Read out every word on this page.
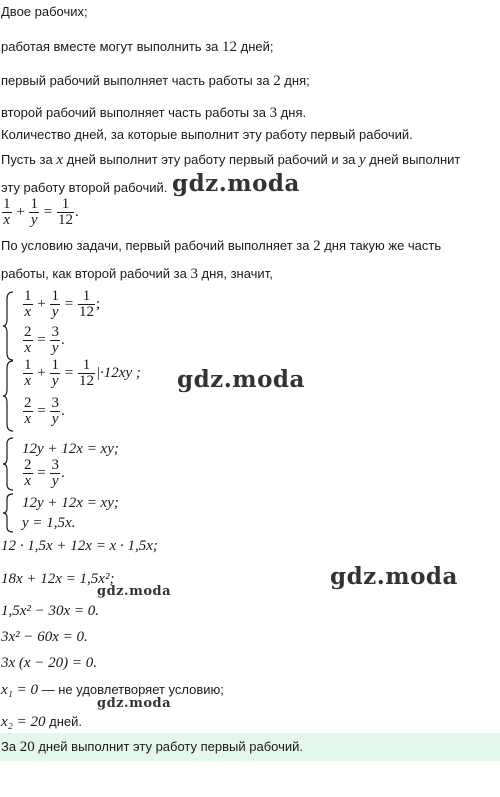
Двое рабочих;
работая вместе могут выполнить за 12 дней;
первый рабочий выполняет часть работы за 2 дня;
второй рабочий выполняет часть работы за 3 дня.
Количество дней, за которые выполнит эту работу первый рабочий.
Пусть за x дней выполнит эту работу первый рабочий и за y дней выполнит
эту работу второй рабочий.
$\frac{1}{x} + \frac{1}{y} = \frac{1}{12}$ .
По условию задачи, первый рабочий выполняет за 2 дня такую же часть
работы, как второй рабочий за 3 дня, значит,
$\frac{1}{x} + \frac{1}{y} = \frac{1}{12}$ ;
$\frac{2}{x} = \frac{3}{y}$ .
$\frac{1}{x} + \frac{1}{y} = \frac{1}{12} |\cdot 12xy$ ;
$\frac{2}{x} = \frac{3}{y}$ .
12y + 12x = xy;
$\frac{2}{x} = \frac{3}{y}$ .
12y + 12x = xy;
y = 1,5x.
12 · 1,5x + 12x = x · 1,5x;
18x + 12x = 1,5x²;
1,5x² − 30x = 0.
3x² − 60x = 0.
3x (x − 20) = 0.
x₁ = 0 — не удовлетворяет условию;
x₂ = 20 дней.
За 20 дней выполнит эту работу первый рабочий.
gdz.moda
gdz.moda
gdz.moda
gdz.moda
gdz.moda
